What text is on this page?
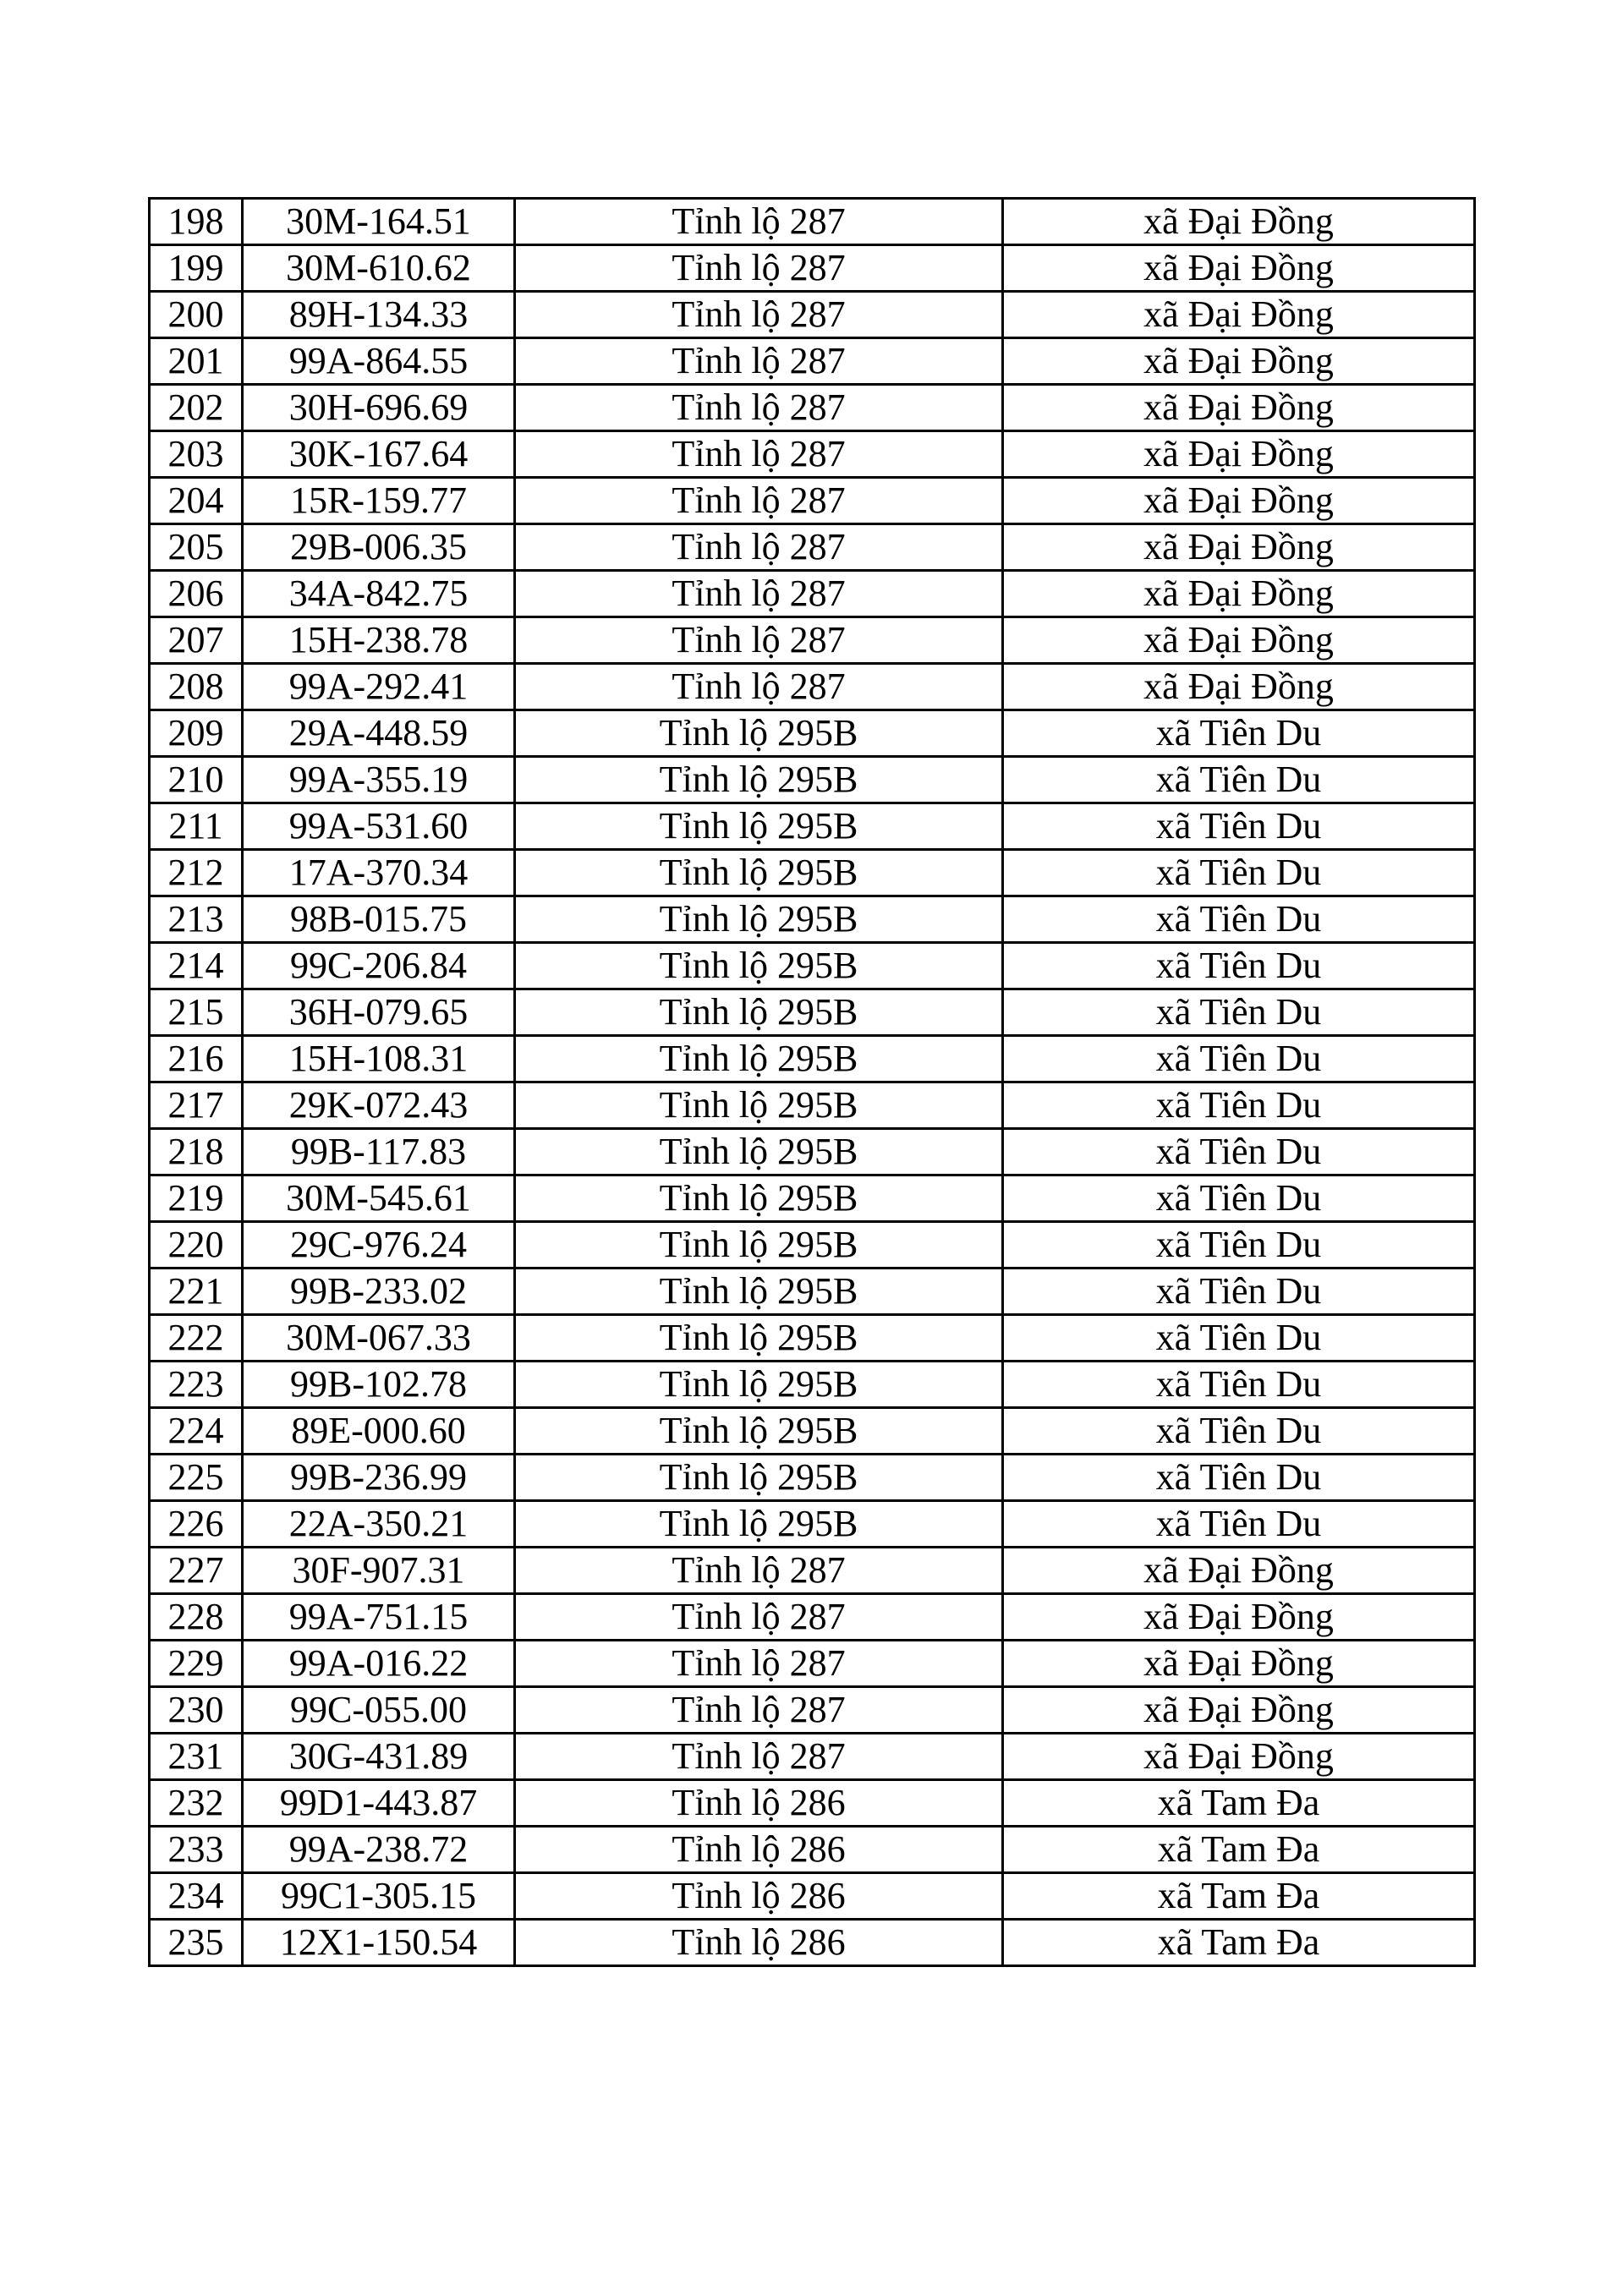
198	30M-164.51	Tỉnh lộ 287	xã Đại Đồng
199	30M-610.62	Tỉnh lộ 287	xã Đại Đồng
200	89H-134.33	Tỉnh lộ 287	xã Đại Đồng
201	99A-864.55	Tỉnh lộ 287	xã Đại Đồng
202	30H-696.69	Tỉnh lộ 287	xã Đại Đồng
203	30K-167.64	Tỉnh lộ 287	xã Đại Đồng
204	15R-159.77	Tỉnh lộ 287	xã Đại Đồng
205	29B-006.35	Tỉnh lộ 287	xã Đại Đồng
206	34A-842.75	Tỉnh lộ 287	xã Đại Đồng
207	15H-238.78	Tỉnh lộ 287	xã Đại Đồng
208	99A-292.41	Tỉnh lộ 287	xã Đại Đồng
209	29A-448.59	Tỉnh lộ 295B	xã Tiên Du
210	99A-355.19	Tỉnh lộ 295B	xã Tiên Du
211	99A-531.60	Tỉnh lộ 295B	xã Tiên Du
212	17A-370.34	Tỉnh lộ 295B	xã Tiên Du
213	98B-015.75	Tỉnh lộ 295B	xã Tiên Du
214	99C-206.84	Tỉnh lộ 295B	xã Tiên Du
215	36H-079.65	Tỉnh lộ 295B	xã Tiên Du
216	15H-108.31	Tỉnh lộ 295B	xã Tiên Du
217	29K-072.43	Tỉnh lộ 295B	xã Tiên Du
218	99B-117.83	Tỉnh lộ 295B	xã Tiên Du
219	30M-545.61	Tỉnh lộ 295B	xã Tiên Du
220	29C-976.24	Tỉnh lộ 295B	xã Tiên Du
221	99B-233.02	Tỉnh lộ 295B	xã Tiên Du
222	30M-067.33	Tỉnh lộ 295B	xã Tiên Du
223	99B-102.78	Tỉnh lộ 295B	xã Tiên Du
224	89E-000.60	Tỉnh lộ 295B	xã Tiên Du
225	99B-236.99	Tỉnh lộ 295B	xã Tiên Du
226	22A-350.21	Tỉnh lộ 295B	xã Tiên Du
227	30F-907.31	Tỉnh lộ 287	xã Đại Đồng
228	99A-751.15	Tỉnh lộ 287	xã Đại Đồng
229	99A-016.22	Tỉnh lộ 287	xã Đại Đồng
230	99C-055.00	Tỉnh lộ 287	xã Đại Đồng
231	30G-431.89	Tỉnh lộ 287	xã Đại Đồng
232	99D1-443.87	Tỉnh lộ 286	xã Tam Đa
233	99A-238.72	Tỉnh lộ 286	xã Tam Đa
234	99C1-305.15	Tỉnh lộ 286	xã Tam Đa
235	12X1-150.54	Tỉnh lộ 286	xã Tam Đa
